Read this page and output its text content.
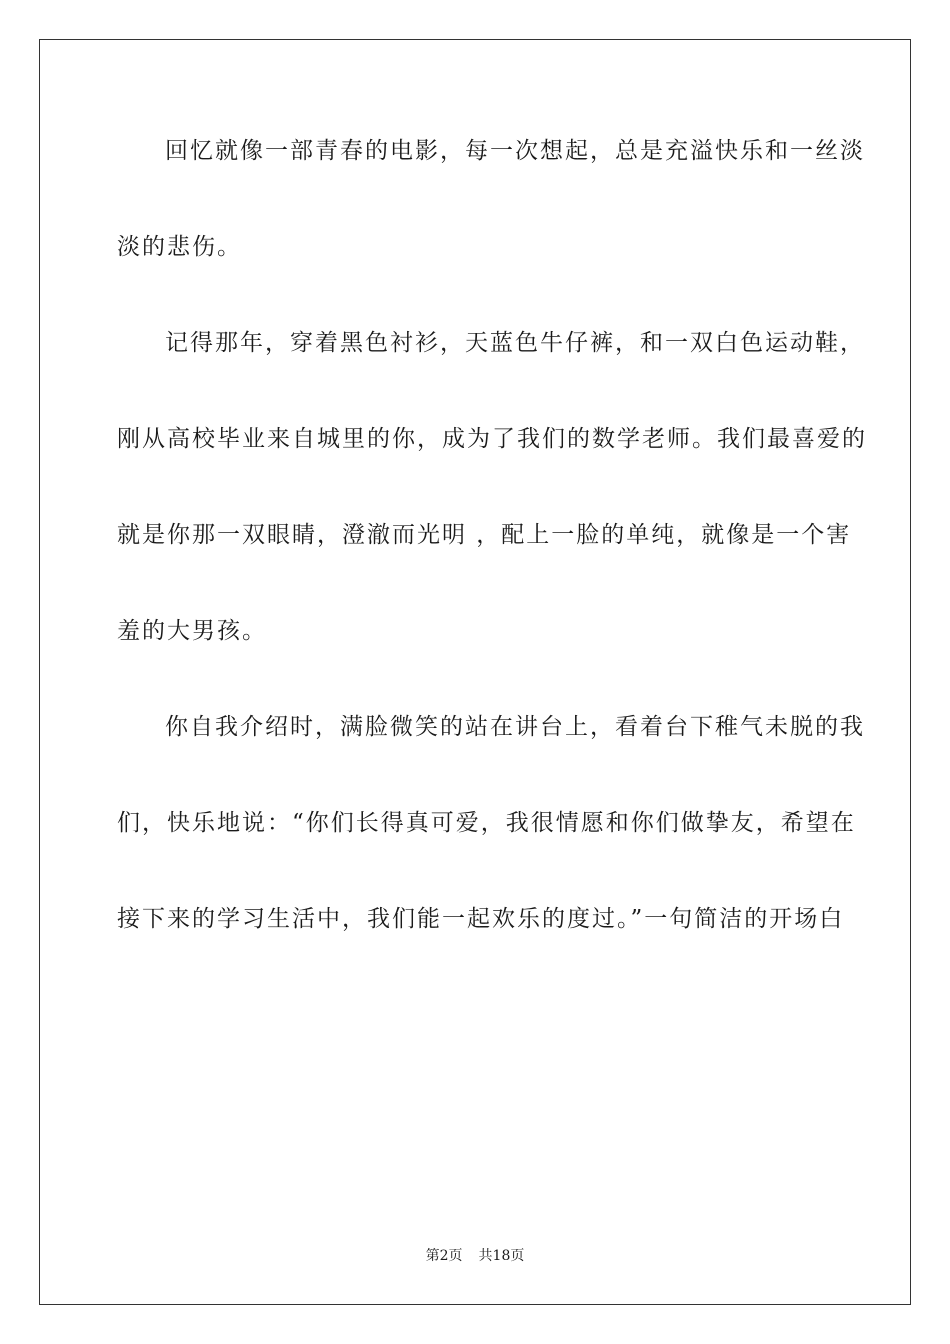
回忆就像一部青春的电影，每一次想起，总是充溢快乐和一丝淡
淡的悲伤。
记得那年，穿着黑色衬衫，天蓝色牛仔裤，和一双白色运动鞋，
刚从高校毕业来自城里的你，成为了我们的数学老师。我们最喜爱的
就是你那一双眼睛，澄澈而光明 ，配上一脸的单纯，就像是一个害
羞的大男孩。
你自我介绍时，满脸微笑的站在讲台上，看着台下稚气未脱的我
们，快乐地说：“你们长得真可爱，我很情愿和你们做挚友，希望在
接下来的学习生活中，我们能一起欢乐的度过。”一句简洁的开场白
第2页 共18页
